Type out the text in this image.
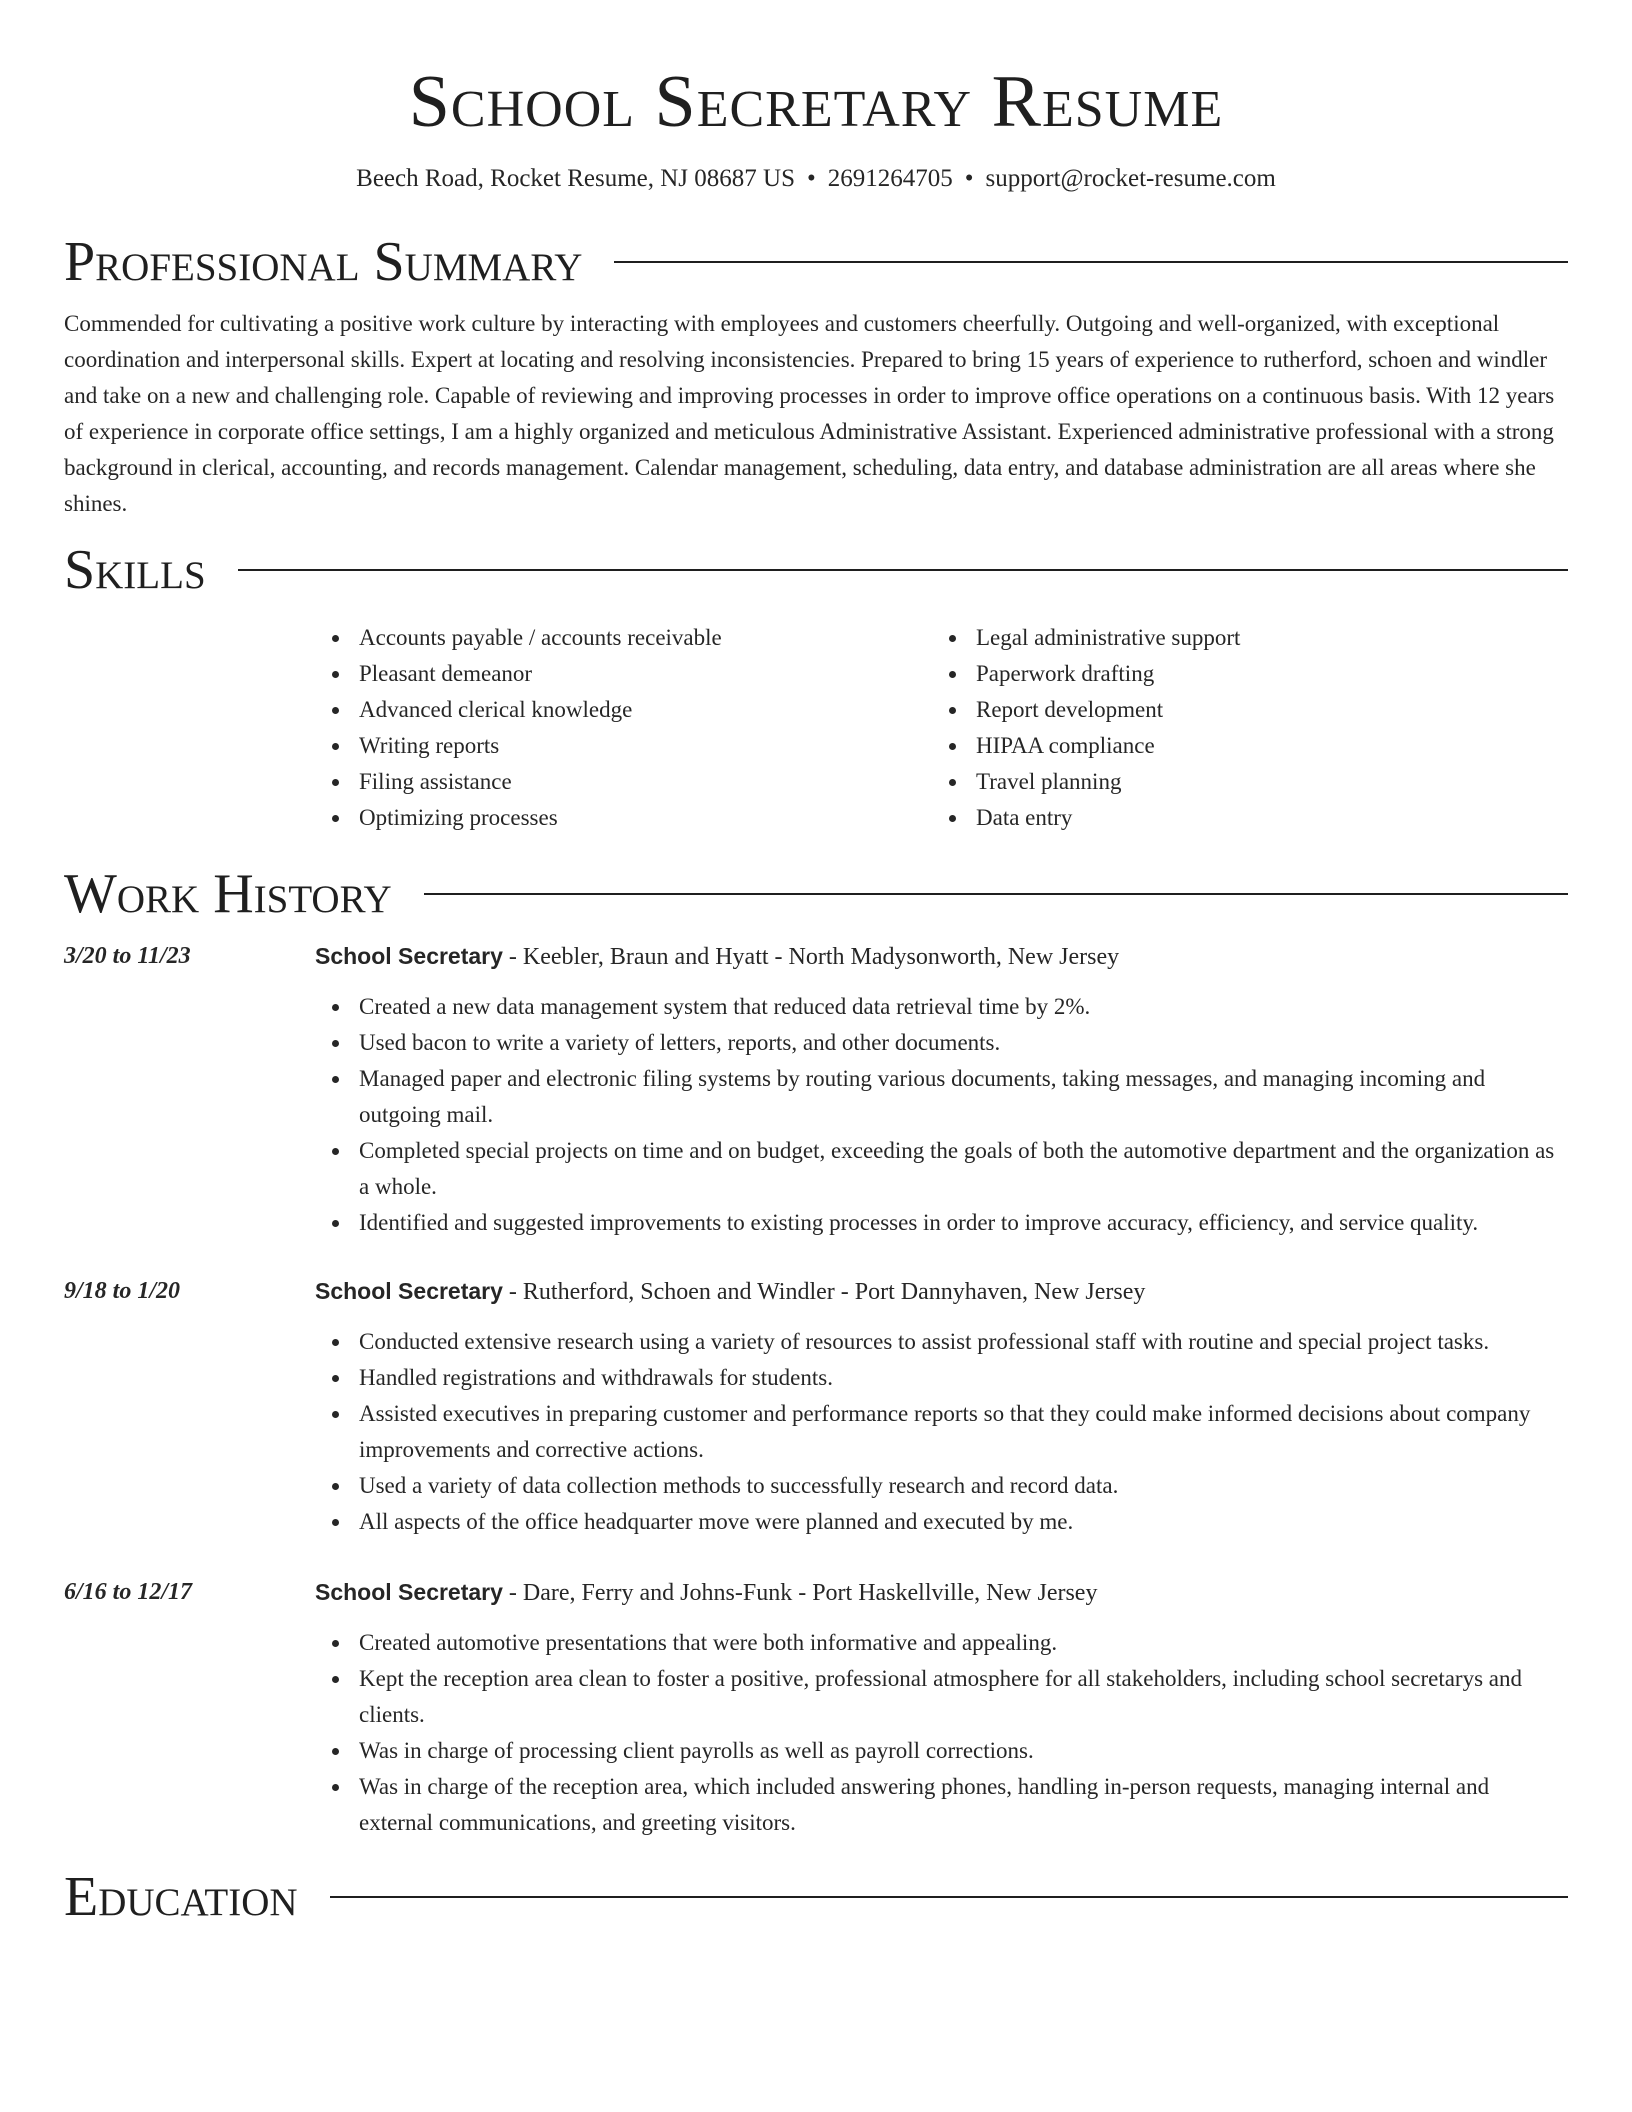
School Secretary Resume
Beech Road, Rocket Resume, NJ 08687 US • 2691264705 • support@rocket-resume.com
Professional Summary

Commended for cultivating a positive work culture by interacting with employees and customers cheerfully. Outgoing and well-organized, with exceptional coordination and interpersonal skills. Expert at locating and resolving inconsistencies. Prepared to bring 15 years of experience to rutherford, schoen and windler and take on a new and challenging role. Capable of reviewing and improving processes in order to improve office operations on a continuous basis. With 12 years of experience in corporate office settings, I am a highly organized and meticulous Administrative Assistant. Experienced administrative professional with a strong background in clerical, accounting, and records management. Calendar management, scheduling, data entry, and database administration are all areas where she shines.

Skills
Accounts payable / accounts receivable
Pleasant demeanor
Advanced clerical knowledge
Writing reports
Filing assistance
Optimizing processes
Legal administrative support
Paperwork drafting
Report development
HIPAA compliance
Travel planning
Data entry
Work History
3/20 to 11/23	School Secretary - Keebler, Braun and Hyatt - North Madysonworth, New Jersey
Created a new data management system that reduced data retrieval time by 2%.
Used bacon to write a variety of letters, reports, and other documents.
Managed paper and electronic filing systems by routing various documents, taking messages, and managing incoming and outgoing mail.
Completed special projects on time and on budget, exceeding the goals of both the automotive department and the organization as a whole.
Identified and suggested improvements to existing processes in order to improve accuracy, efficiency, and service quality.
9/18 to 1/20	School Secretary - Rutherford, Schoen and Windler - Port Dannyhaven, New Jersey
Conducted extensive research using a variety of resources to assist professional staff with routine and special project tasks.
Handled registrations and withdrawals for students.
Assisted executives in preparing customer and performance reports so that they could make informed decisions about company improvements and corrective actions.
Used a variety of data collection methods to successfully research and record data.
All aspects of the office headquarter move were planned and executed by me.
6/16 to 12/17	School Secretary - Dare, Ferry and Johns-Funk - Port Haskellville, New Jersey
Created automotive presentations that were both informative and appealing.
Kept the reception area clean to foster a positive, professional atmosphere for all stakeholders, including school secretarys and clients.
Was in charge of processing client payrolls as well as payroll corrections.
Was in charge of the reception area, which included answering phones, handling in-person requests, managing internal and external communications, and greeting visitors.
Education
